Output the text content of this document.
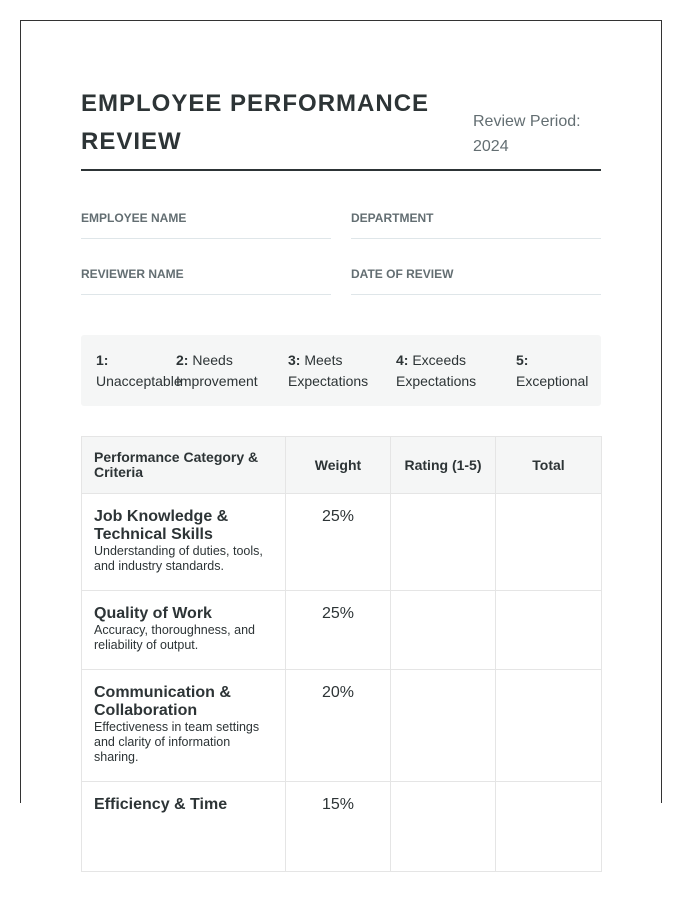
EMPLOYEE PERFORMANCE REVIEW
Review Period: 2024
EMPLOYEE NAME	DEPARTMENT
REVIEWER NAME	DATE OF REVIEW
1: Unacceptable
2: Needs Improvement
3: Meets Expectations
4: Exceeds Expectations
5:
Exceptional
Performance Category & Criteria	Weight	Rating (1-5)	Total

Job Knowledge & Technical Skills
Understanding of duties, tools, and industry standards.	25%		

Quality of Work
Accuracy, thoroughness, and reliability of output.	25%		

Communication & Collaboration
Effectiveness in team settings and clarity of information sharing.	20%		

Efficiency & Time	15%		
